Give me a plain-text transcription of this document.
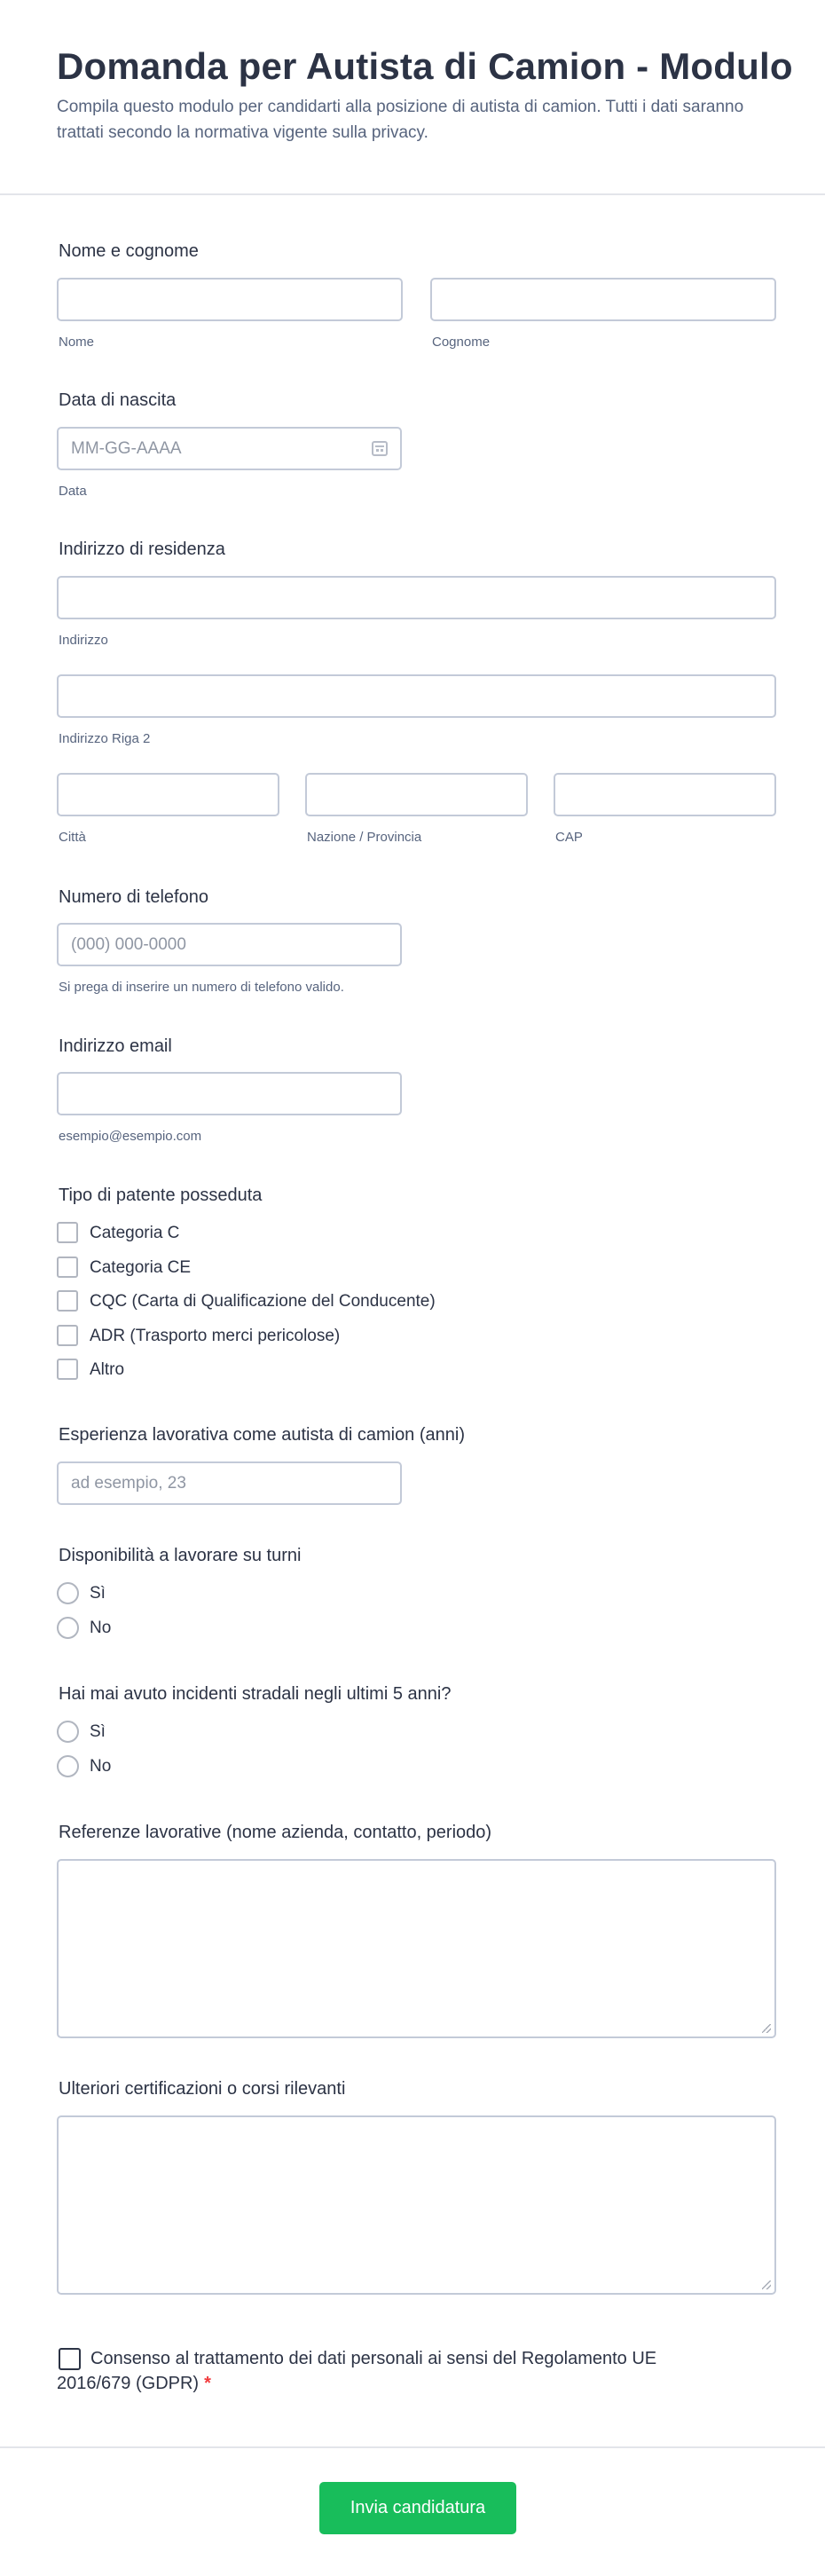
Domanda per Autista di Camion - Modulo

Compila questo modulo per candidarti alla posizione di autista di camion. Tutti i dati saranno trattati secondo la normativa vigente sulla privacy.

Nome e cognome
Nome	Cognome
Data di nascita
MM-GG-AAAA
Data
Indirizzo di residenza
Indirizzo
Indirizzo Riga 2
Città	Nazione / Provincia	CAP
Numero di telefono
(000) 000-0000
Si prega di inserire un numero di telefono valido.
Indirizzo email
esempio@esempio.com
Tipo di patente posseduta
Categoria C
Categoria CE
CQC (Carta di Qualificazione del Conducente)
ADR (Trasporto merci pericolose)
Altro
Esperienza lavorativa come autista di camion (anni)
ad esempio, 23
Disponibilità a lavorare su turni
Sì
No
Hai mai avuto incidenti stradali negli ultimi 5 anni?
Sì
No
Referenze lavorative (nome azienda, contatto, periodo)
Ulteriori certificazioni o corsi rilevanti
Consenso al trattamento dei dati personali ai sensi del Regolamento UE
2016/679 (GDPR) *
Invia candidatura
